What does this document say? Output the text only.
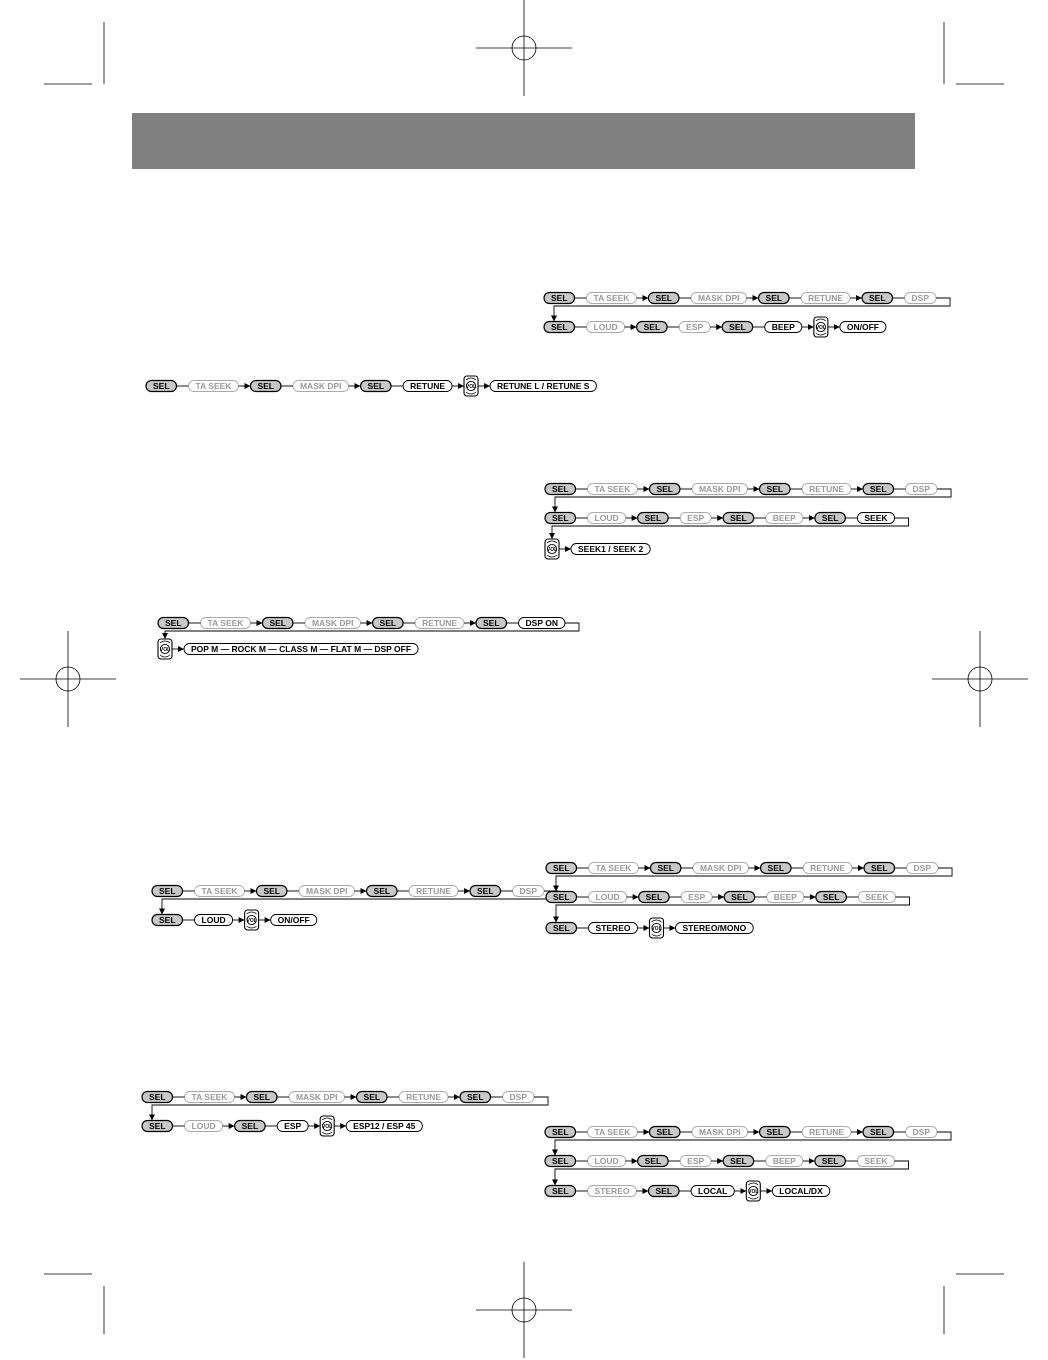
SEL	TA SEEK	SEL	MASK DPI	SEL	RETUNE	VOL RETUNE L / RETUNE S
SEL	TA SEEK	SEL	MASK DPI	SEL	RETUNE	SEL	DSP ON
VOL POP M — ROCK M — CLASS M — FLAT M — DSP OFF
SEL	TA SEEK	SEL	MASK DPI	SEL	RETUNE	SEL	DSP
SEL	LOUD	VOL ON/OFF
SEL	TA SEEK	SEL	MASK DPI	SEL	RETUNE	SEL	DSP
SEL	LOUD	SEL	ESP	VOL ESP12 / ESP 45
SEL	TA SEEK	SEL	MASK DPI	SEL	RETUNE	SEL	DSP
SEL	LOUD	SEL	ESP	SEL	BEEP	VOL ON/OFF
SEL	TA SEEK	SEL	MASK DPI	SEL	RETUNE	SEL	DSP
SEL	LOUD	SEL	ESP	SEL	BEEP	SEL	SEEK
VOL SEEK1 / SEEK 2
SEL	TA SEEK	SEL	MASK DPI	SEL	RETUNE	SEL	DSP
SEL	LOUD	SEL	ESP	SEL	BEEP	SEL	SEEK
SEL	STEREO	VOL STEREO/MONO
SEL	TA SEEK	SEL	MASK DPI	SEL	RETUNE	SEL	DSP
SEL	LOUD	SEL	ESP	SEL	BEEP	SEL	SEEK
SEL	STEREO	SEL	LOCAL	VOL LOCAL/DX
